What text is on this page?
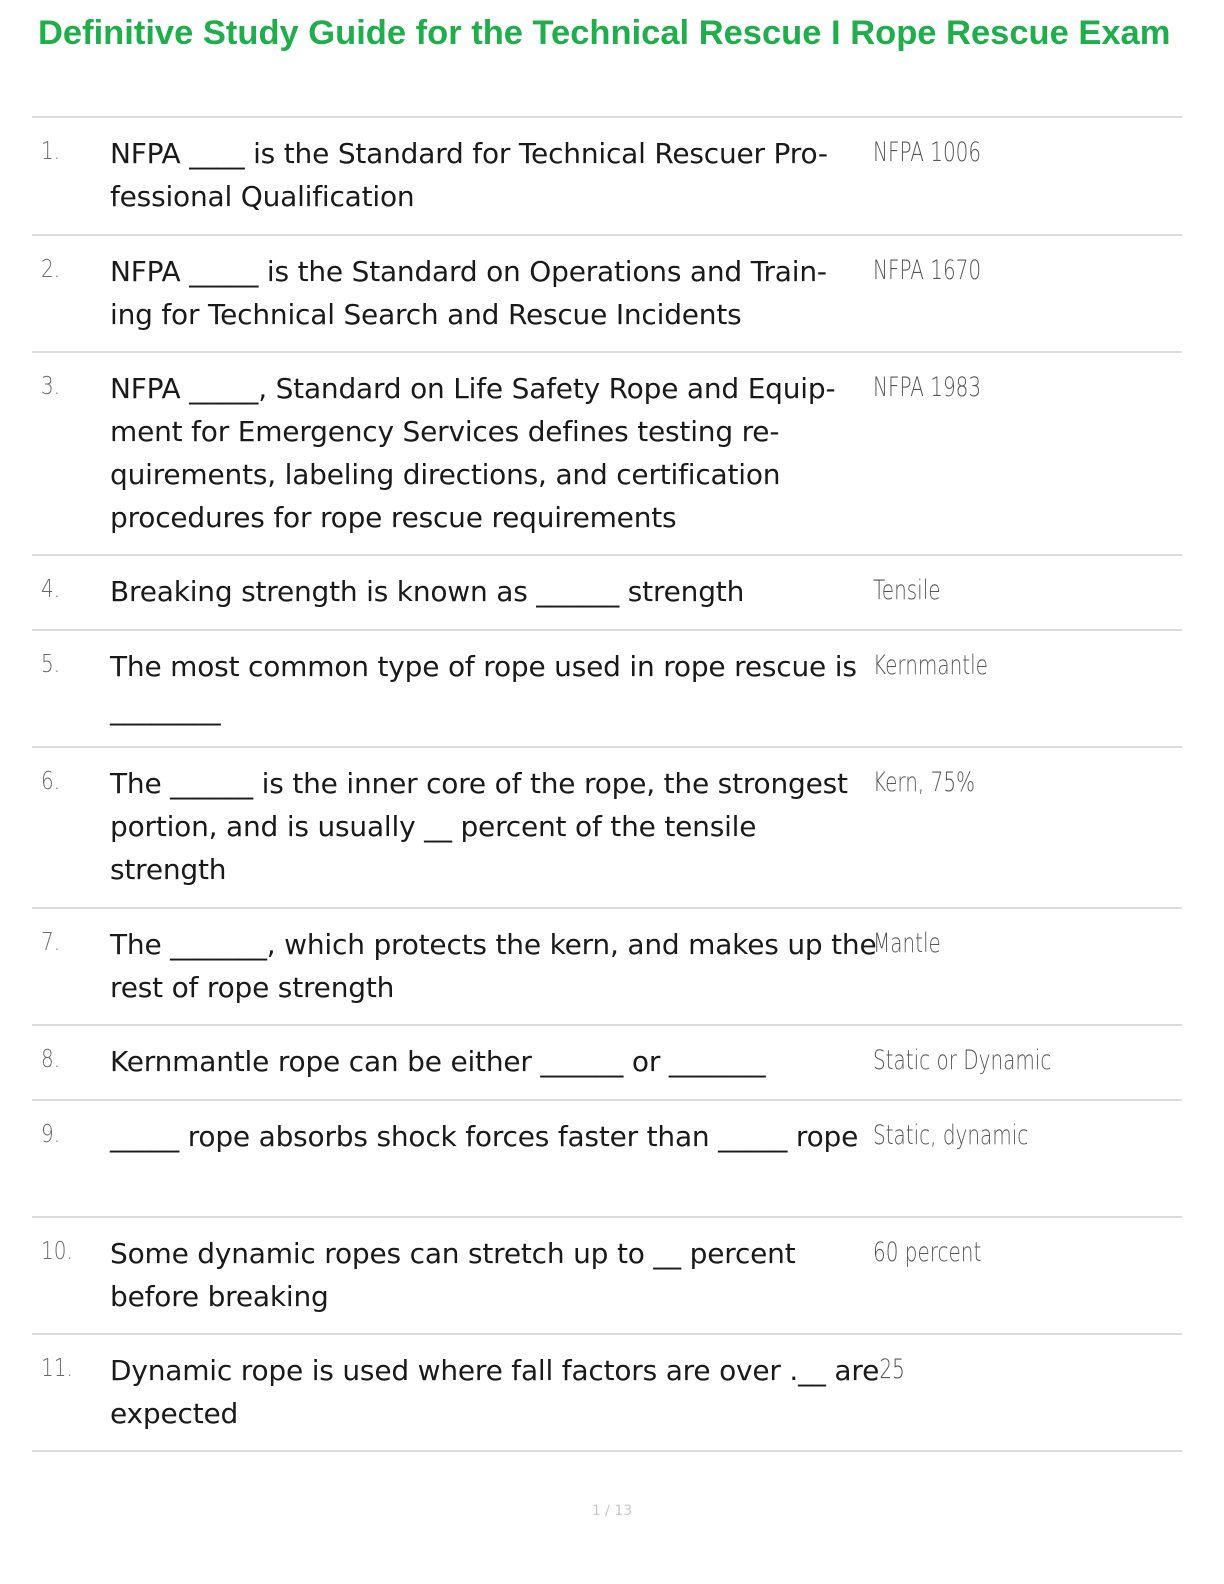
Definitive Study Guide for the Technical Rescue I Rope Rescue Exam
1. NFPA ____ is the Standard for Technical Rescuer Pro-
fessional Qualification
NFPA 1006
2. NFPA _____ is the Standard on Operations and Train-
ing for Technical Search and Rescue Incidents
NFPA 1670
3. NFPA _____, Standard on Life Safety Rope and Equip-
ment for Emergency Services defines testing re-
quirements, labeling directions, and certification
procedures for rope rescue requirements
NFPA 1983
4. Breaking strength is known as ______ strength	Tensile
5. The most common type of rope used in rope rescue is ________
Kernmantle
6. The ______ is the inner core of the rope, the strongest portion, and is usually __ percent of the tensile strength
Kern, 75%
7. The _______, which protects the kern, and makes up the rest of rope strength
Mantle
8. Kernmantle rope can be either ______ or _______	Static or Dynamic
9. _____ rope absorbs shock forces faster than _____ rope Static, dynamic
10. Some dynamic ropes can stretch up to __ percent before breaking
60 percent
11. Dynamic rope is used where fall factors are over .__ are expected
.25
1 / 13
